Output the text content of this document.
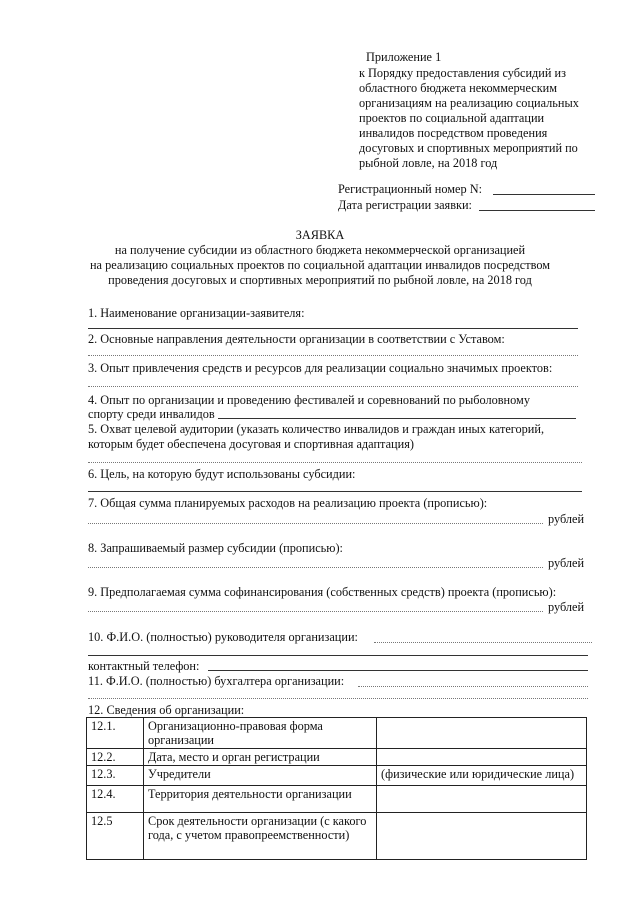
Приложение 1
к Порядку предоставления субсидий из
областного бюджета некоммерческим
организациям на реализацию социальных
проектов по социальной адаптации
инвалидов посредством проведения
досуговых и спортивных мероприятий по
рыбной ловле, на 2018 год
Регистрационный номер N:
Дата регистрации заявки:
ЗАЯВКА
на получение субсидии из областного бюджета некоммерческой организацией
на реализацию социальных проектов по социальной адаптации инвалидов посредством
проведения досуговых и спортивных мероприятий по рыбной ловле, на 2018 год
1. Наименование организации-заявителя:
2. Основные направления деятельности организации в соответствии с Уставом:
3. Опыт привлечения средств и ресурсов для реализации социально значимых проектов:
4. Опыт по организации и проведению фестивалей и соревнований по рыболовному
спорту среди инвалидов
5. Охват целевой аудитории (указать количество инвалидов и граждан иных категорий,
которым будет обеспечена досуговая и спортивная адаптация)
6. Цель, на которую будут использованы субсидии:
7. Общая сумма планируемых расходов на реализацию проекта (прописью):
рублей
8. Запрашиваемый размер субсидии (прописью):
рублей
9. Предполагаемая сумма софинансирования (собственных средств) проекта (прописью):
рублей
10. Ф.И.О. (полностью) руководителя организации:
контактный телефон:
11. Ф.И.О. (полностью) бухгалтера организации:
12. Сведения об организации:
12.1.	Организационно-правовая форма организации	
12.2.	Дата, место и орган регистрации	
12.3.	Учредители	(физические или юридические лица)
12.4.	Территория деятельности организации	
12.5	Срок деятельности организации (с какого года, с учетом правопреемственности)	
